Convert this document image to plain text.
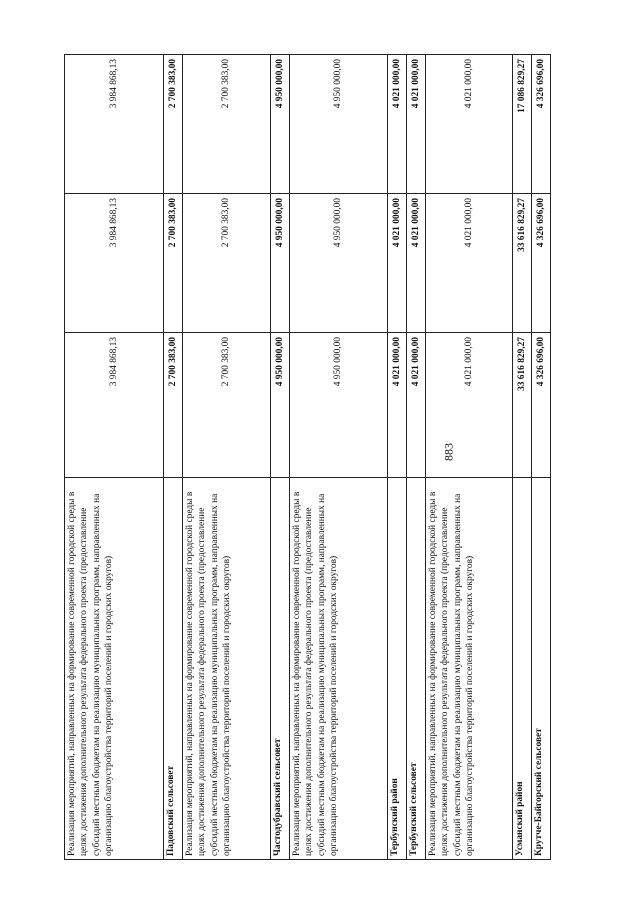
883
Реализация мероприятий, направленных на формирование современной городской среды в целях достижения дополнительного результата федерального проекта (предоставление субсидий местным бюджетам на реализацию муниципальных программ, направленных на организацию благоустройства территорий поселений и городских округов)	3 984 868,13	3 984 868,13	3 984 868,13
Падовский сельсовет	2 700 383,00	2 700 383,00	2 700 383,00
Реализация мероприятий, направленных на формирование современной городской среды в целях достижения дополнительного результата федерального проекта (предоставление субсидий местным бюджетам на реализацию муниципальных программ, направленных на организацию благоустройства территорий поселений и городских округов)	2 700 383,00	2 700 383,00	2 700 383,00
Частодубравский сельсовет	4 950 000,00	4 950 000,00	4 950 000,00
Реализация мероприятий, направленных на формирование современной городской среды в целях достижения дополнительного результата федерального проекта (предоставление субсидий местным бюджетам на реализацию муниципальных программ, направленных на организацию благоустройства территорий поселений и городских округов)	4 950 000,00	4 950 000,00	4 950 000,00
Тербунский район	4 021 000,00	4 021 000,00	4 021 000,00
Тербунский сельсовет	4 021 000,00	4 021 000,00	4 021 000,00
Реализация мероприятий, направленных на формирование современной городской среды в целях достижения дополнительного результата федерального проекта (предоставление субсидий местным бюджетам на реализацию муниципальных программ, направленных на организацию благоустройства территорий поселений и городских округов)	4 021 000,00	4 021 000,00	4 021 000,00
Усманский район	33 616 829,27	33 616 829,27	17 086 829,27
Крутче-Байгорский сельсовет	4 326 696,00	4 326 696,00	4 326 696,00
